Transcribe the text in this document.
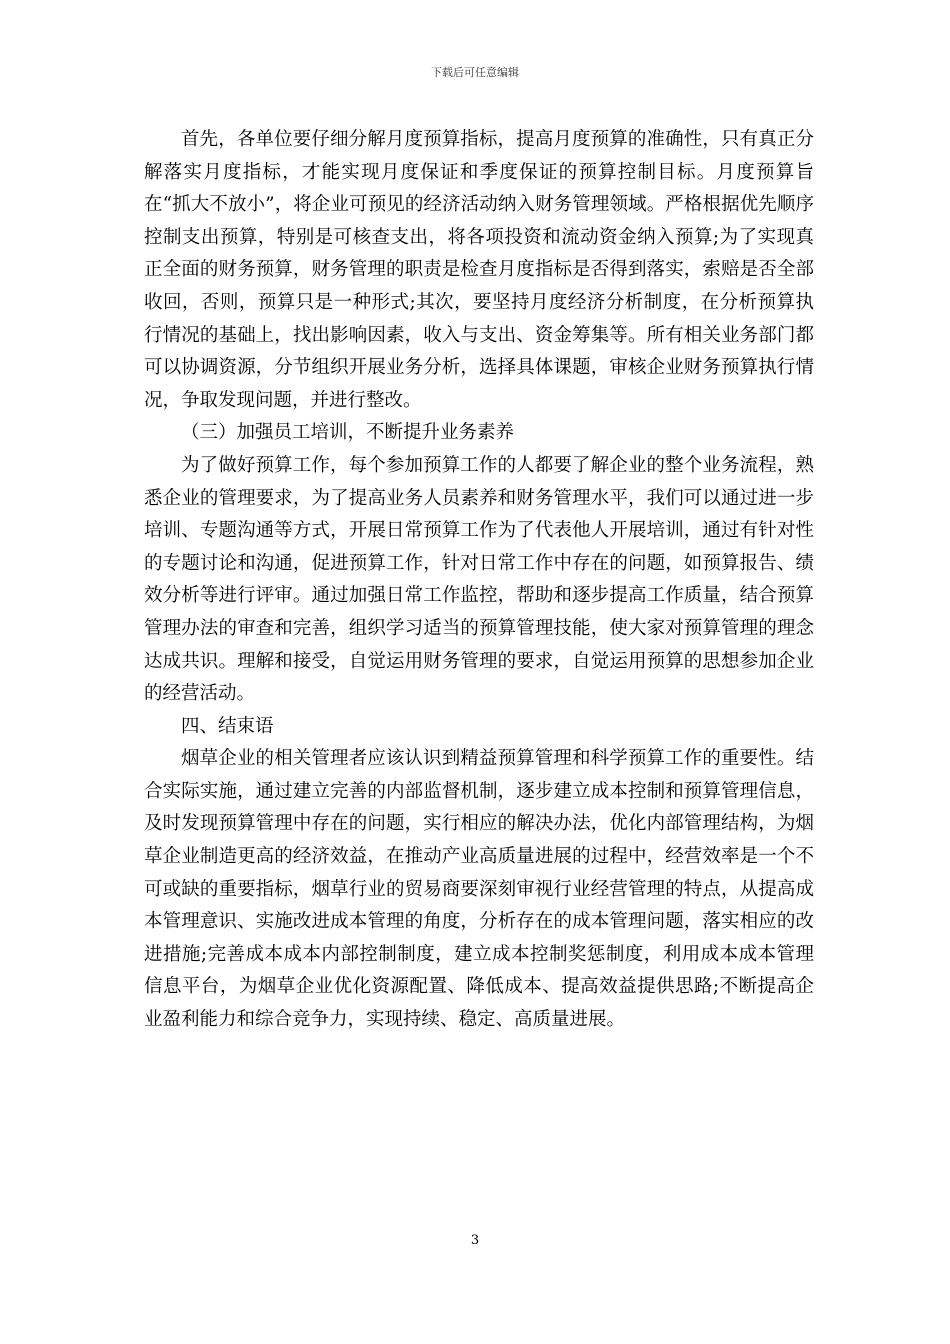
下载后可任意编辑

首先，各单位要仔细分解月度预算指标，提高月度预算的准确性，只有真正分解落实月度指标，才能实现月度保证和季度保证的预算控制目标。月度预算旨在“抓大不放小”，将企业可预见的经济活动纳入财务管理领域。严格根据优先顺序控制支出预算，特别是可核查支出，将各项投资和流动资金纳入预算;为了实现真正全面的财务预算，财务管理的职责是检查月度指标是否得到落实，索赔是否全部收回，否则，预算只是一种形式;其次，要坚持月度经济分析制度，在分析预算执行情况的基础上，找出影响因素，收入与支出、资金筹集等。所有相关业务部门都可以协调资源，分节组织开展业务分析，选择具体课题，审核企业财务预算执行情况，争取发现问题，并进行整改。

（三）加强员工培训，不断提升业务素养

为了做好预算工作，每个参加预算工作的人都要了解企业的整个业务流程，熟悉企业的管理要求，为了提高业务人员素养和财务管理水平，我们可以通过进一步培训、专题沟通等方式，开展日常预算工作为了代表他人开展培训，通过有针对性的专题讨论和沟通，促进预算工作，针对日常工作中存在的问题，如预算报告、绩效分析等进行评审。通过加强日常工作监控，帮助和逐步提高工作质量，结合预算管理办法的审查和完善，组织学习适当的预算管理技能，使大家对预算管理的理念达成共识。理解和接受，自觉运用财务管理的要求，自觉运用预算的思想参加企业的经营活动。

四、结束语

烟草企业的相关管理者应该认识到精益预算管理和科学预算工作的重要性。结合实际实施，通过建立完善的内部监督机制，逐步建立成本控制和预算管理信息，及时发现预算管理中存在的问题，实行相应的解决办法，优化内部管理结构，为烟草企业制造更高的经济效益，在推动产业高质量进展的过程中，经营效率是一个不可或缺的重要指标，烟草行业的贸易商要深刻审视行业经营管理的特点，从提高成本管理意识、实施改进成本管理的角度，分析存在的成本管理问题，落实相应的改进措施;完善成本成本内部控制制度，建立成本控制奖惩制度，利用成本成本管理信息平台，为烟草企业优化资源配置、降低成本、提高效益提供思路;不断提高企业盈利能力和综合竞争力，实现持续、稳定、高质量进展。

3
